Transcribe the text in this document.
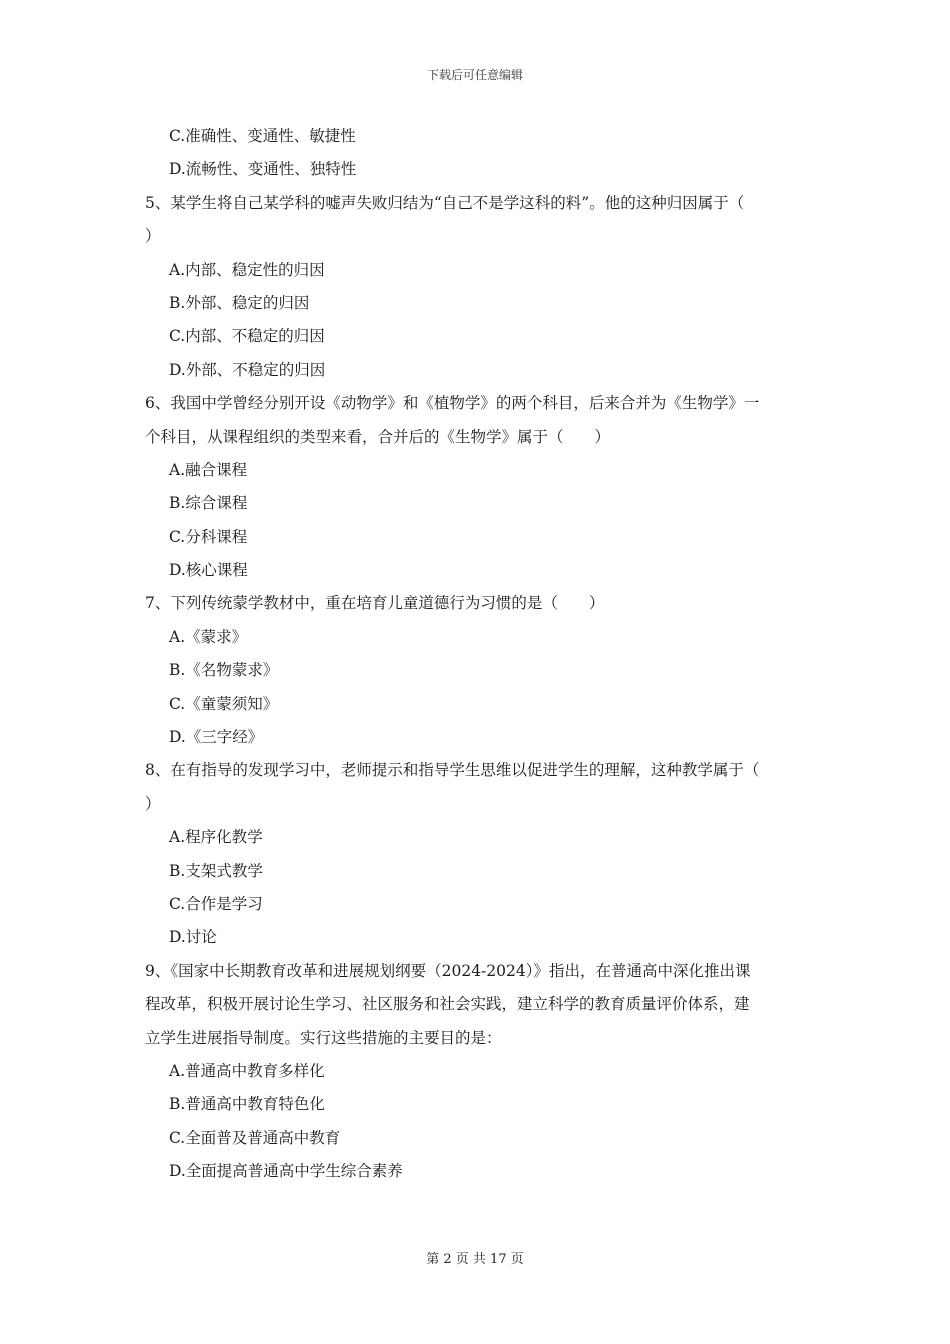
下载后可任意编辑
C.准确性、变通性、敏捷性
D.流畅性、变通性、独特性
5、某学生将自己某学科的嘘声失败归结为“自己不是学这科的料”。他的这种归因属于（
）
A.内部、稳定性的归因
B.外部、稳定的归因
C.内部、不稳定的归因
D.外部、不稳定的归因
6、我国中学曾经分别开设《动物学》和《植物学》的两个科目，后来合并为《生物学》一
个科目，从课程组织的类型来看，合并后的《生物学》属于（　　）
A.融合课程
B.综合课程
C.分科课程
D.核心课程
7、下列传统蒙学教材中，重在培育儿童道德行为习惯的是（　　）
A.《蒙求》
B.《名物蒙求》
C.《童蒙须知》
D.《三字经》
8、在有指导的发现学习中，老师提示和指导学生思维以促进学生的理解，这种教学属于（
）
A.程序化教学
B.支架式教学
C.合作是学习
D.讨论
9、《国家中长期教育改革和进展规划纲要（2024-2024）》指出，在普通高中深化推出课
程改革，积极开展讨论生学习、社区服务和社会实践，建立科学的教育质量评价体系，建
立学生进展指导制度。实行这些措施的主要目的是：
A.普通高中教育多样化
B.普通高中教育特色化
C.全面普及普通高中教育
D.全面提高普通高中学生综合素养
第 2 页 共 17 页
